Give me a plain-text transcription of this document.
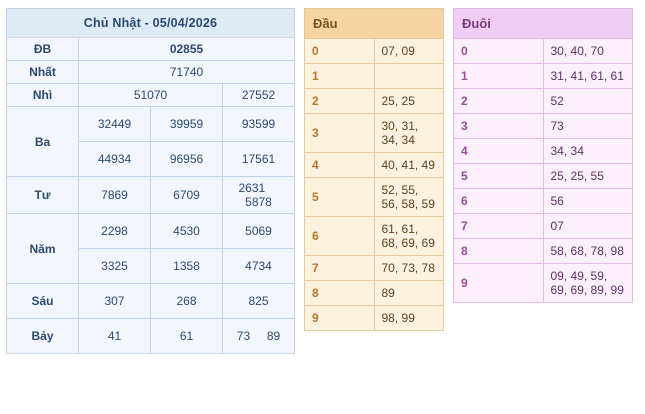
Chủ Nhật - 05/04/2026			
ĐB	02855		
Nhất	71740		
Nhì	51070		27552
Ba	32449	39959	93599
	44934	96956	17561
Tư	7869	6709	2631     5878
Năm	2298	4530	5069
	3325	1358	4734
Sáu	307	268	825
Bảy	41	61	73 89
Đầu	
0	07, 09
1	
2	25, 25
3	30, 31, 34, 34
4	40, 41, 49
5	52, 55, 56, 58, 59
6	61, 61, 68, 69, 69
7	70, 73, 78
8	89
9	98, 99
Đuôi	
0	30, 40, 70
1	31, 41, 61, 61
2	52
3	73
4	34, 34
5	25, 25, 55
6	56
7	07
8	58, 68, 78, 98
9	09, 49, 59, 69, 69, 89, 99
